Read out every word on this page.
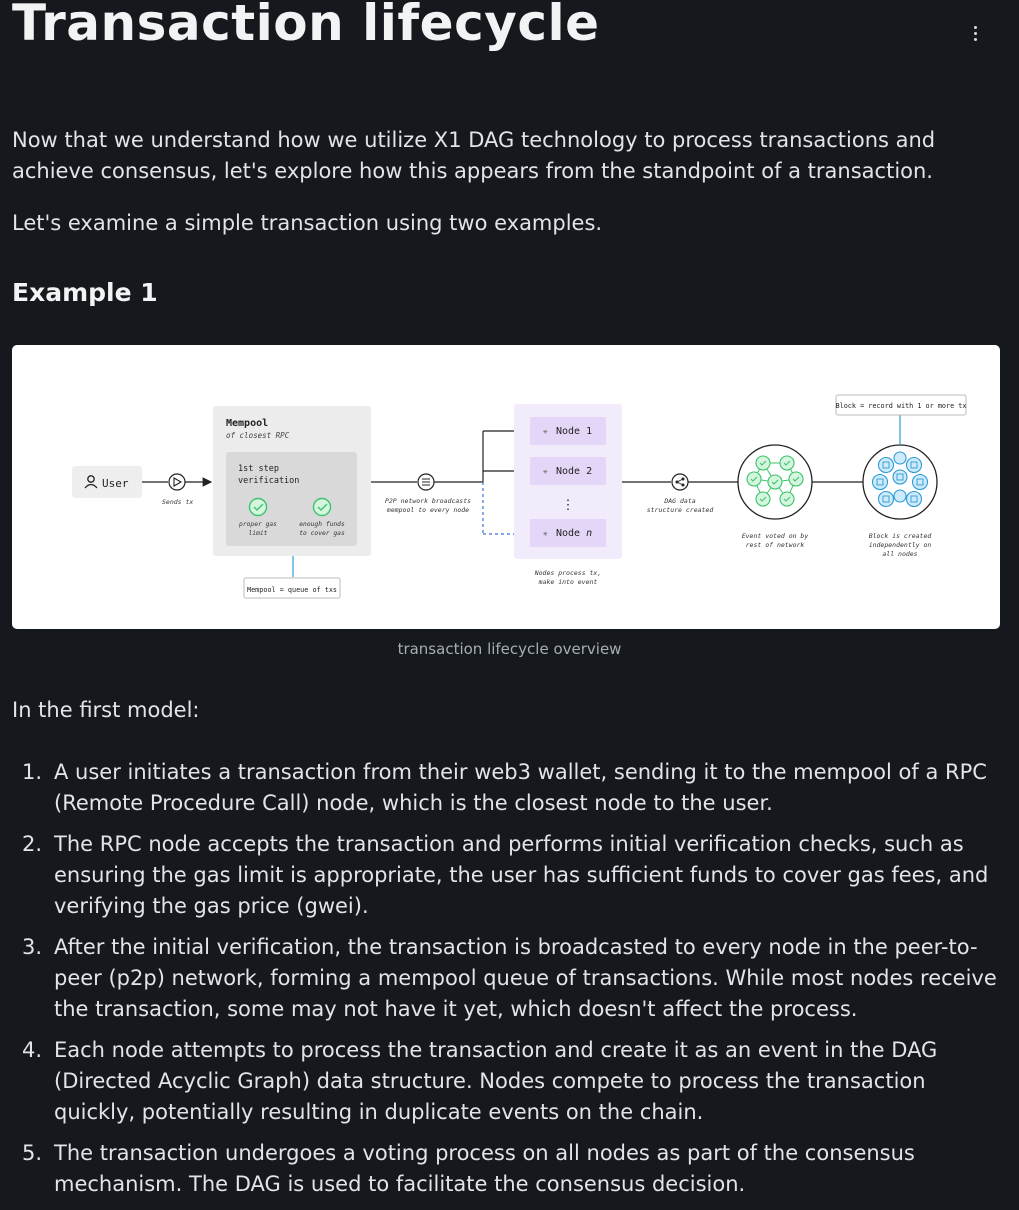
Transaction lifecycle

Now that we understand how we utilize X1 DAG technology to process transactions and achieve consensus, let's explore how this appears from the standpoint of a transaction.

Let's examine a simple transaction using two examples.

Example 1
User
Sends tx
Mempool
of closest RPC
1st step
verification
proper gas
limit
enough funds
to cover gas
Mempool = queue of txs
P2P network broadcasts
mempool to every node
✳ Node 1
✳ Node 2
⋮
✳ Node n
Nodes process tx,
make into event
DAG data
structure created
Event voted on by
rest of network
Block = record with 1 or more tx
Block is created
independently on
all nodes
transaction lifecycle overview

In the first model:

1. A user initiates a transaction from their web3 wallet, sending it to the mempool of a RPC (Remote Procedure Call) node, which is the closest node to the user.
2. The RPC node accepts the transaction and performs initial verification checks, such as ensuring the gas limit is appropriate, the user has sufficient funds to cover gas fees, and verifying the gas price (gwei).
3. After the initial verification, the transaction is broadcasted to every node in the peer-to-peer (p2p) network, forming a mempool queue of transactions. While most nodes receive the transaction, some may not have it yet, which doesn't affect the process.
4. Each node attempts to process the transaction and create it as an event in the DAG (Directed Acyclic Graph) data structure. Nodes compete to process the transaction quickly, potentially resulting in duplicate events on the chain.
5. The transaction undergoes a voting process on all nodes as part of the consensus mechanism. The DAG is used to facilitate the consensus decision.
